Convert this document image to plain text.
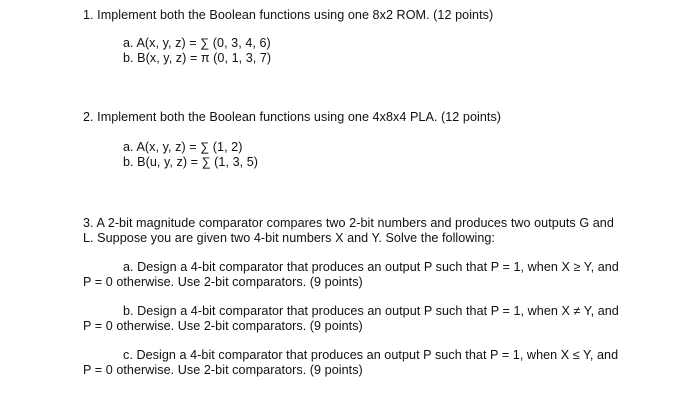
1. Implement both the Boolean functions using one 8x2 ROM. (12 points)
a. A(x, y, z) = ∑ (0, 3, 4, 6)
b. B(x, y, z) = π (0, 1, 3, 7)
2. Implement both the Boolean functions using one 4x8x4 PLA. (12 points)
a. A(x, y, z) = ∑ (1, 2)
b. B(u, y, z) = ∑ (1, 3, 5)
3. A 2-bit magnitude comparator compares two 2-bit numbers and produces two outputs G and
L. Suppose you are given two 4-bit numbers X and Y. Solve the following:
a. Design a 4-bit comparator that produces an output P such that P = 1, when X ≥ Y, and
P = 0 otherwise. Use 2-bit comparators. (9 points)
b. Design a 4-bit comparator that produces an output P such that P = 1, when X ≠ Y, and
P = 0 otherwise. Use 2-bit comparators. (9 points)
c. Design a 4-bit comparator that produces an output P such that P = 1, when X ≤ Y, and
P = 0 otherwise. Use 2-bit comparators. (9 points)
